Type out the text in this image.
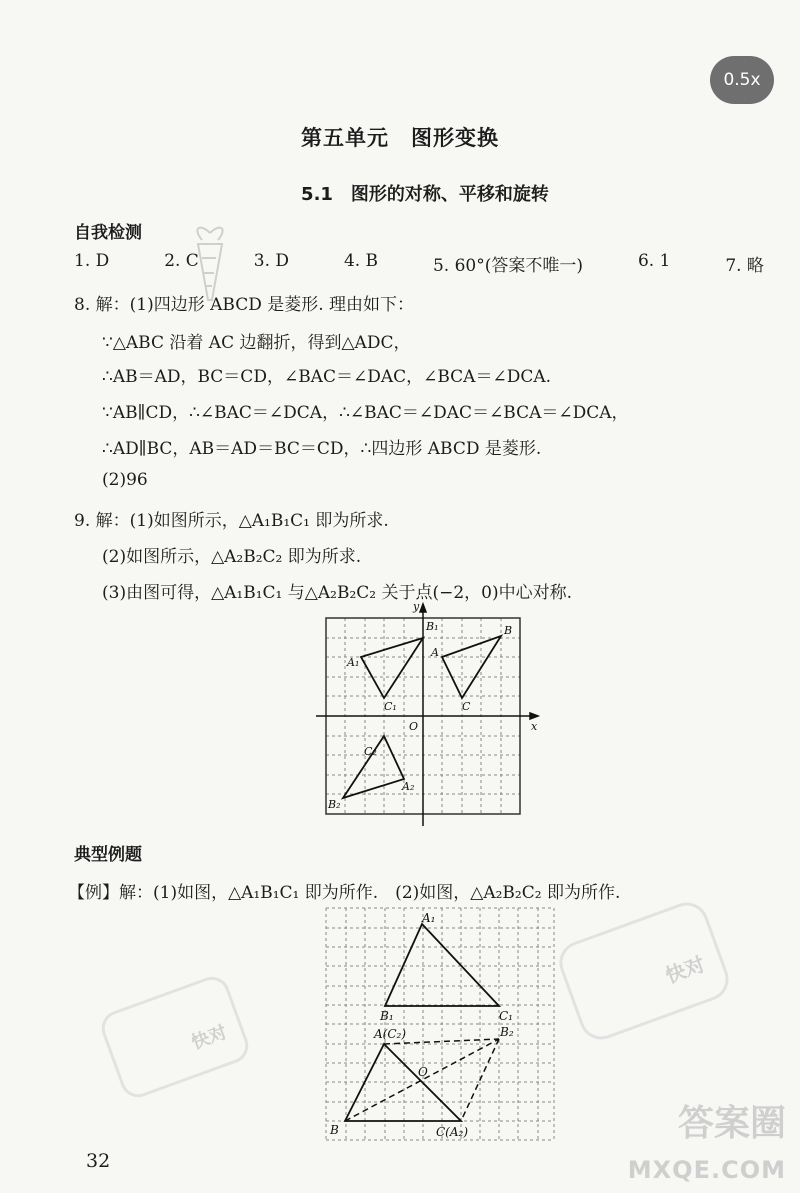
0.5x
第五单元　图形变换
5.1　图形的对称、平移和旋转
自我检测
1. D	2. C	3. D	4. B	5. 60°(答案不唯一)	6. 1	7. 略
8. 解：(1)四边形 ABCD 是菱形. 理由如下：
∵△ABC 沿着 AC 边翻折，得到△ADC，
∴AB＝AD，BC＝CD，∠BAC＝∠DAC，∠BCA＝∠DCA.
∵AB∥CD，∴∠BAC＝∠DCA，∴∠BAC＝∠DAC＝∠BCA＝∠DCA，
∴AD∥BC，AB＝AD＝BC＝CD，∴四边形 ABCD 是菱形.
(2)96
9. 解：(1)如图所示，△A₁B₁C₁ 即为所求.
(2)如图所示，△A₂B₂C₂ 即为所求.
(3)由图可得，△A₁B₁C₁ 与△A₂B₂C₂ 关于点(−2，0)中心对称.
y
x
O
A₁
B₁
C₁
A
B
C
A₂
B₂
C₂
典型例题
【例】解：(1)如图，△A₁B₁C₁ 即为所作.　(2)如图，△A₂B₂C₂ 即为所作.
A₁
B₁	C₁
A(C₂)	B₂
O
B	C(A₂)
快对
快对
答案圈
MXQE.COM
32
